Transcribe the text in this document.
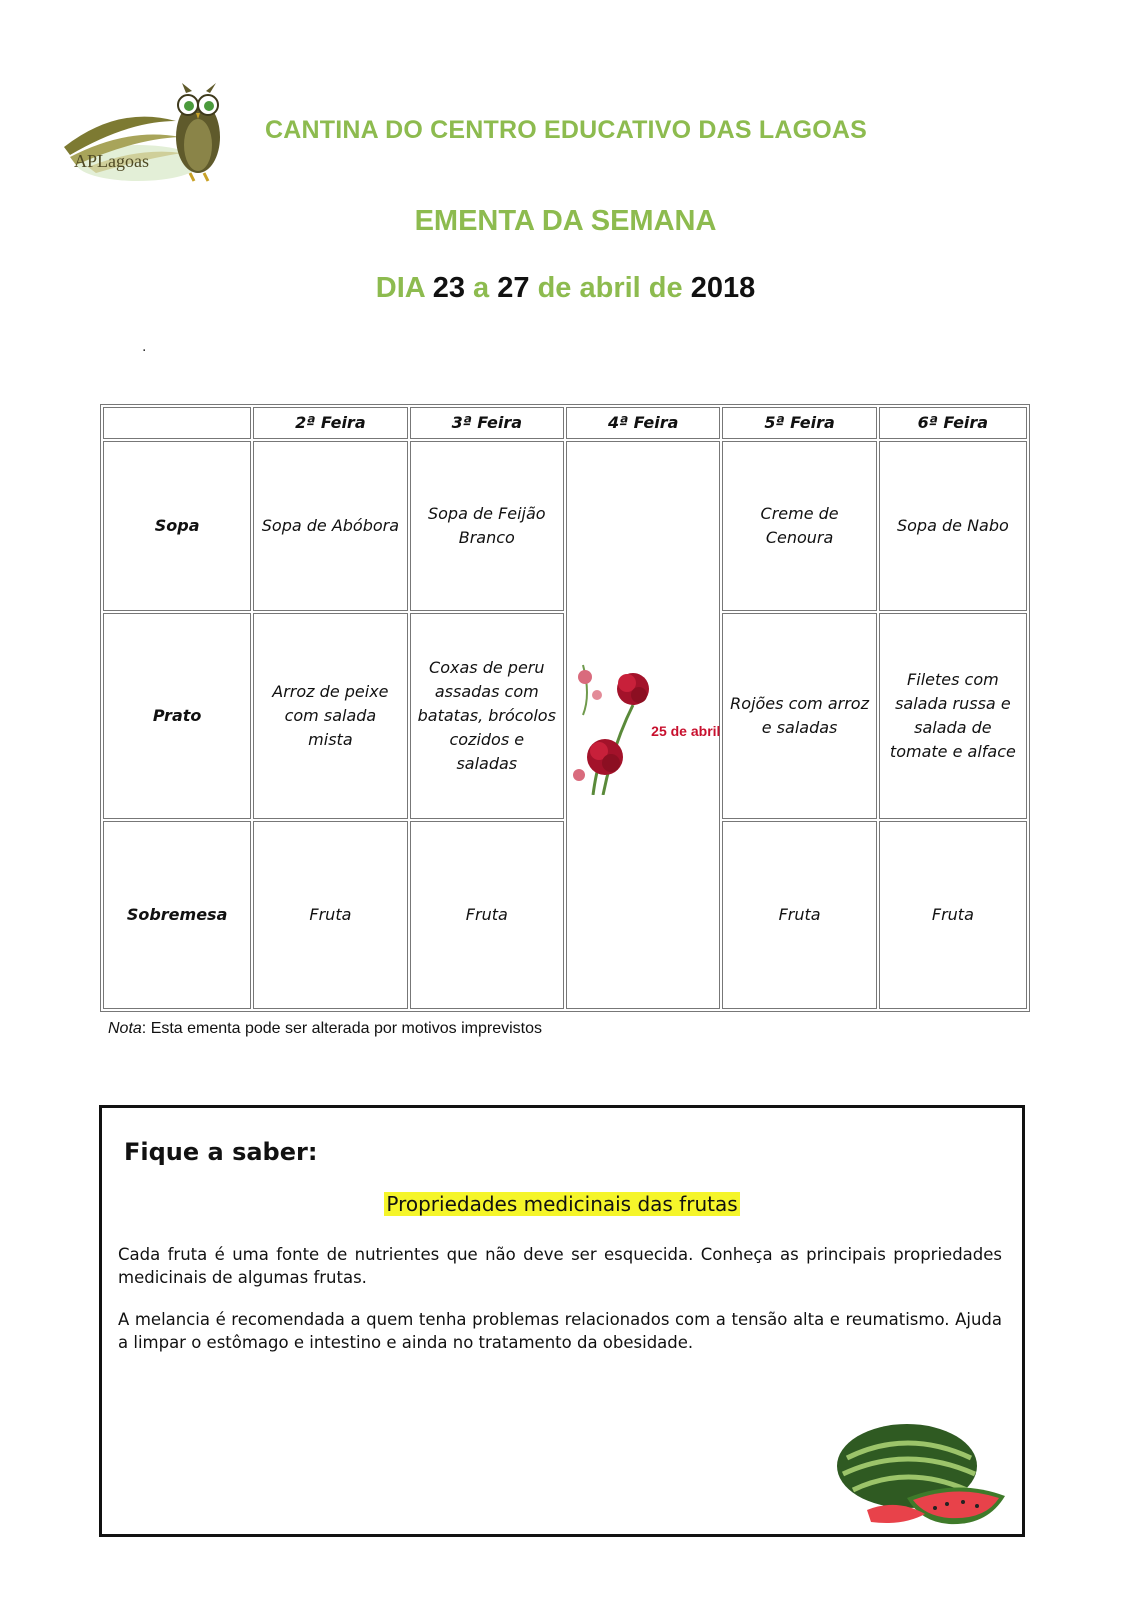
APLagoas
CANTINA DO CENTRO EDUCATIVO DAS LAGOAS
EMENTA DA SEMANA
DIA 23 a 27 de abril de 2018
.
	2ª Feira	3ª Feira	4ª Feira	5ª Feira	6ª Feira
Sopa	Sopa de Abóbora	Sopa de Feijão Branco	25 de abril	Creme de Cenoura	Sopa de Nabo
Prato	Arroz de peixe com salada mista	Coxas de peru assadas com batatas, brócolos cozidos e saladas		Rojões com arroz e saladas	Filetes com salada russa e salada de tomate e alface
Sobremesa	Fruta	Fruta		Fruta	Fruta

Nota: Esta ementa pode ser alterada por motivos imprevistos

Fique a saber:
Propriedades medicinais das frutas

Cada fruta é uma fonte de nutrientes que não deve ser esquecida. Conheça as principais propriedades medicinais de algumas frutas.

A melancia é recomendada a quem tenha problemas relacionados com a tensão alta e reumatismo. Ajuda a limpar o estômago e intestino e ainda no tratamento da obesidade.
